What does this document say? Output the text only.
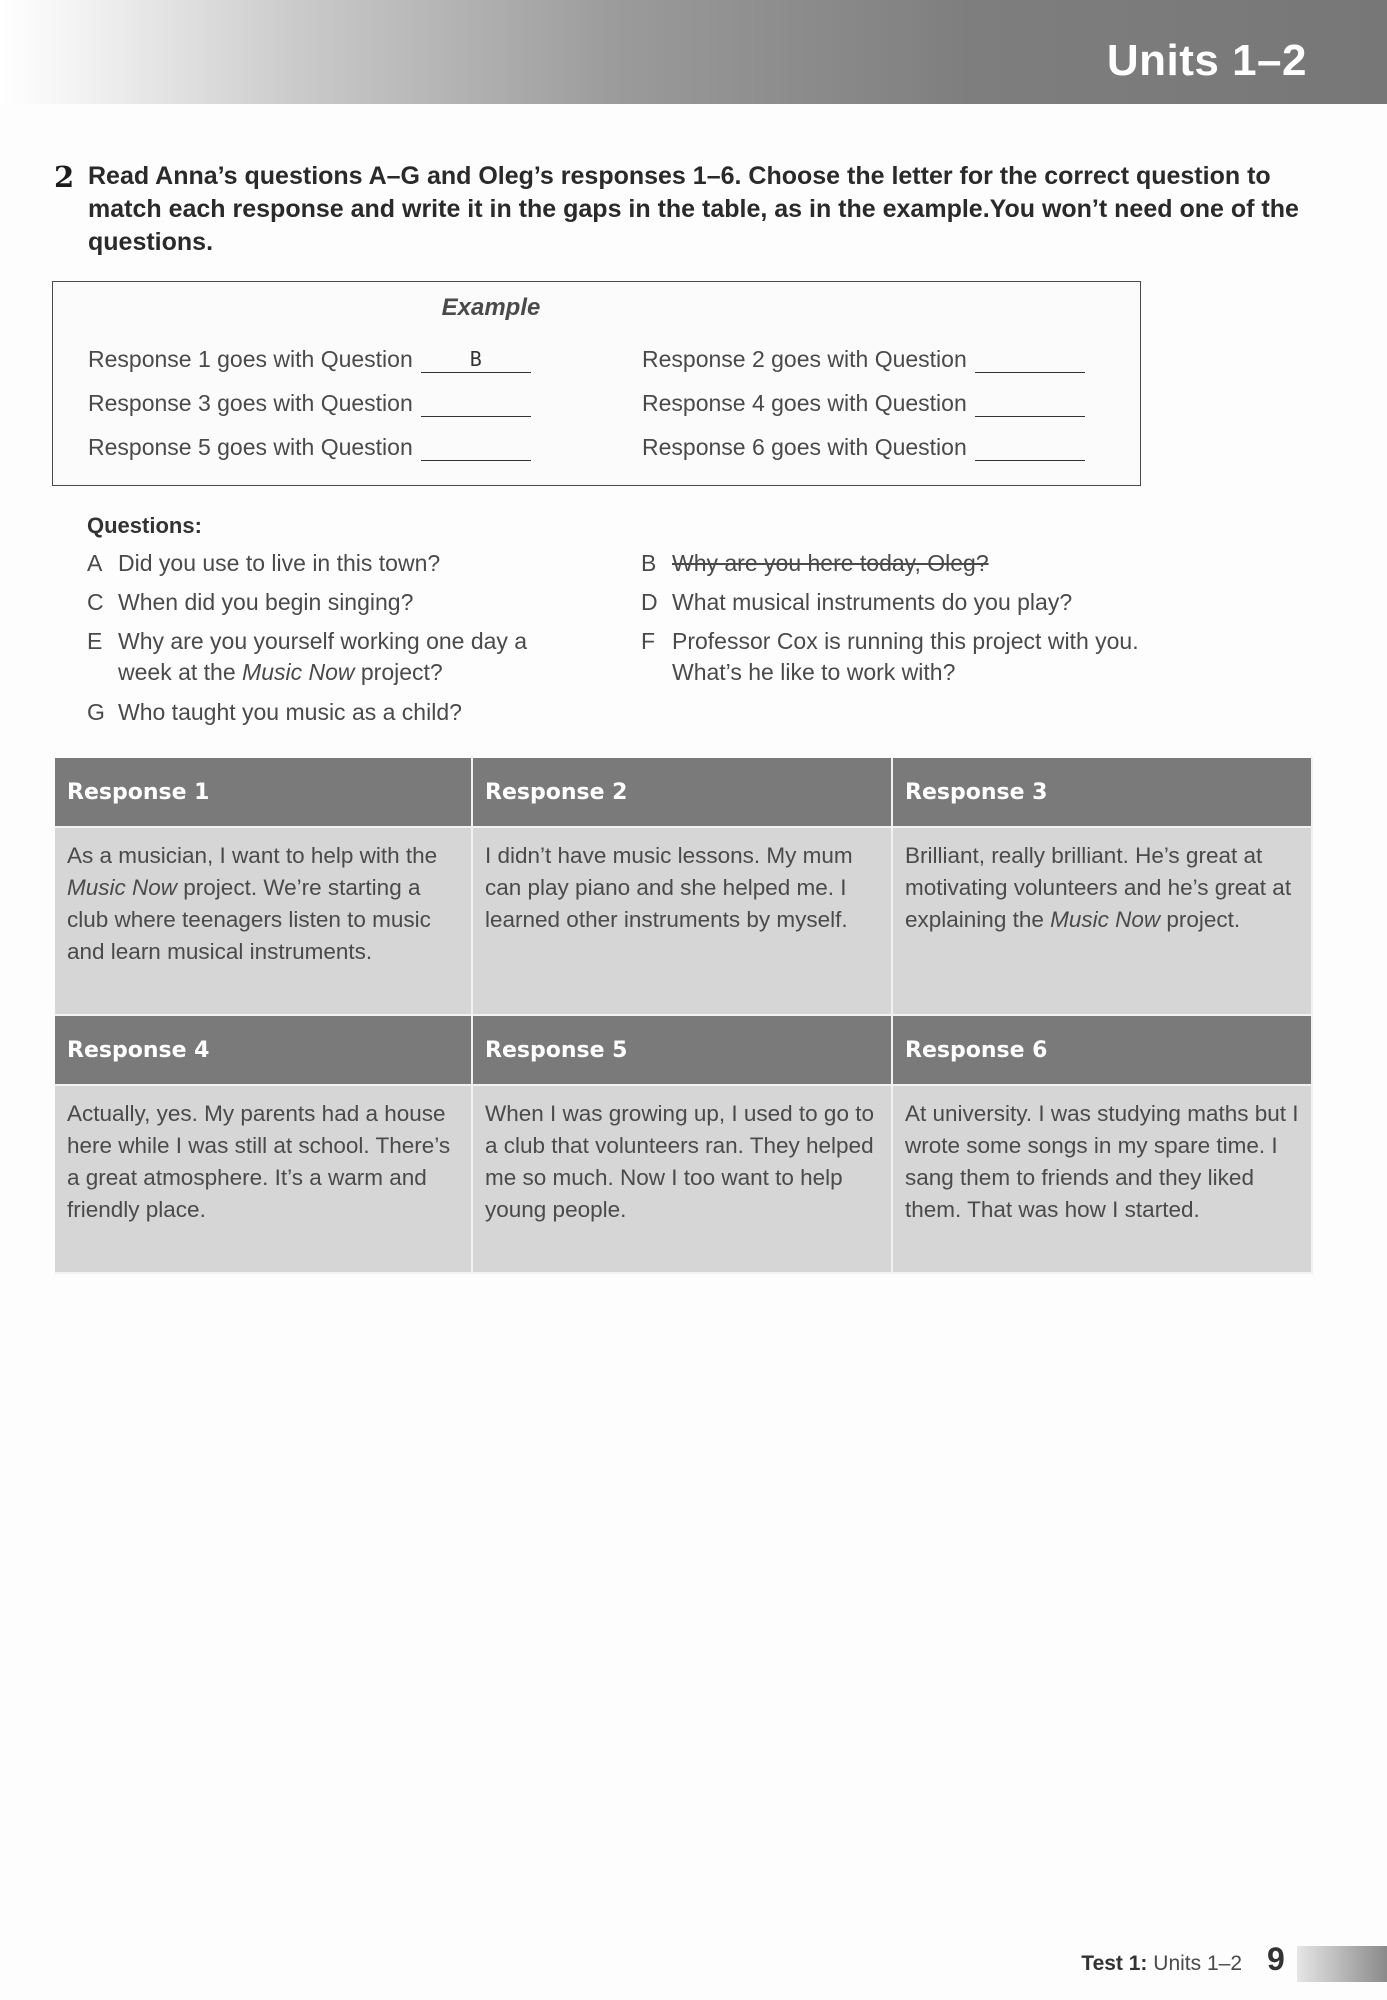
Units 1–2
2 Read Anna’s questions A–G and Oleg’s responses 1–6. Choose the letter for the correct question to match each response and write it in the gaps in the table, as in the example.You won’t need one of the questions.
Example
Response 1 goes with Question	B	Response 2 goes with Question
Response 3 goes with Question	Response 4 goes with Question
Response 5 goes with Question	Response 6 goes with Question
Questions:
A Did you use to live in this town?	B Why are you here today, Oleg?
C When did you begin singing?	D What musical instruments do you play?
E Why are you yourself working one day a week at the Music Now project?
F Professor Cox is running this project with you. What’s he like to work with?
G Who taught you music as a child?
Response 1	Response 2	Response 3
As a musician, I want to help with the Music Now project. We’re starting a club where teenagers listen to music and learn musical instruments.
I didn’t have music lessons. My mum can play piano and she helped me. I learned other instruments by myself.
Brilliant, really brilliant. He’s great at motivating volunteers and he’s great at explaining the Music Now project.
Response 4	Response 5	Response 6
Actually, yes. My parents had a house here while I was still at school. There’s a great atmosphere. It’s a warm and friendly place.
When I was growing up, I used to go to a club that volunteers ran. They helped me so much. Now I too want to help young people.
At university. I was studying maths but I wrote some songs in my spare time. I sang them to friends and they liked them. That was how I started.
Test 1: Units 1–2 9
